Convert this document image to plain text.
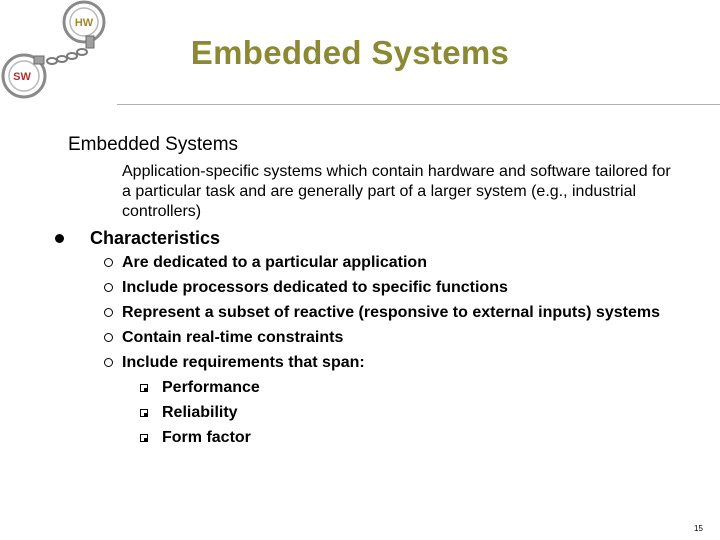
HW
SW
Embedded Systems
Embedded Systems
Application-specific systems which contain hardware and software tailored for a particular task and are generally part of a larger system (e.g., industrial controllers)
Characteristics
Are dedicated to a particular application
Include processors dedicated to specific functions
Represent a subset of reactive (responsive to external inputs) systems
Contain real-time constraints
Include requirements that span:
Performance
Reliability
Form factor
15
